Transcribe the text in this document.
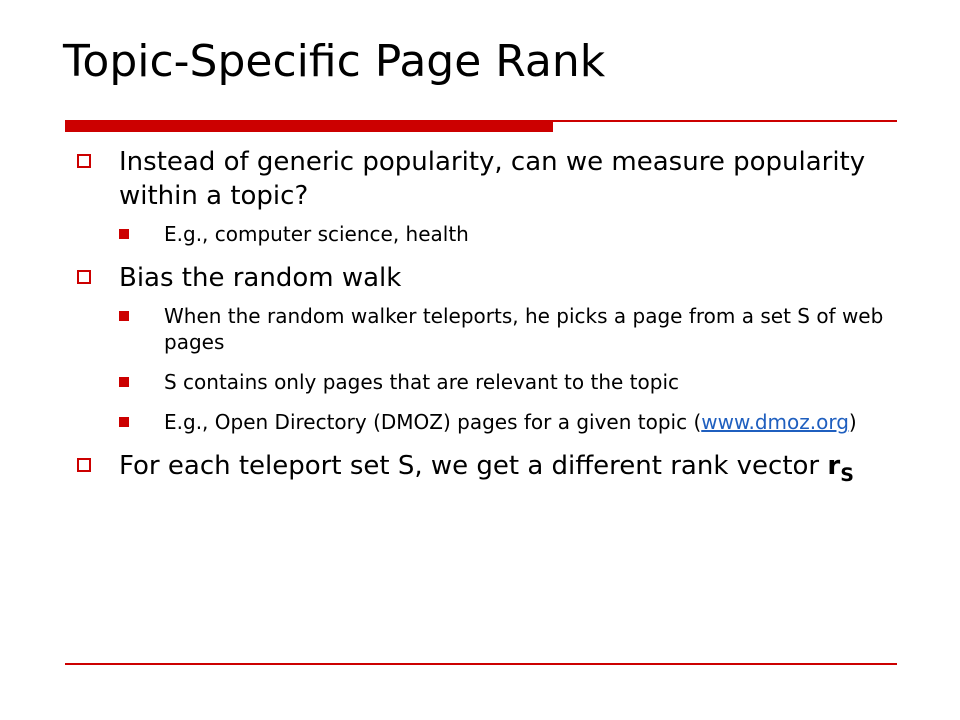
Topic-Specific Page Rank
Instead of generic popularity, can we measure popularity within a topic?
E.g., computer science, health
Bias the random walk
When the random walker teleports, he picks a page from a set S of web pages
S contains only pages that are relevant to the topic
E.g., Open Directory (DMOZ) pages for a given topic (www.dmoz.org)
For each teleport set S, we get a different rank vector $r_S$
